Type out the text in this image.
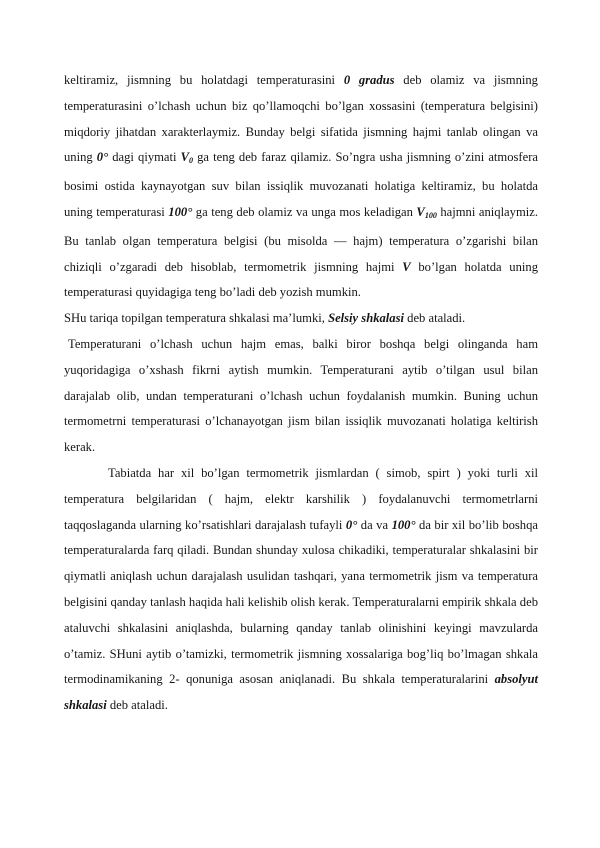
keltiramiz, jismning bu holatdagi temperaturasini 0 gradus deb olamiz va jismning temperaturasini o’lchash uchun biz qo’llamoqchi bo’lgan xossasini (temperatura belgisini) miqdoriy jihatdan xarakterlaymiz. Bunday belgi sifatida jismning hajmi tanlab olingan va uning 0° dagi qiymati $V_0$ ga teng deb faraz qilamiz. So’ngra usha jismning o’zini atmosfera bosimi ostida kaynayotgan suv bilan issiqlik muvozanati holatiga keltiramiz, bu holatda uning temperaturasi 100° ga teng deb olamiz va unga mos keladigan $V_{100}$ hajmni aniqlaymiz. Bu tanlab olgan temperatura belgisi (bu misolda — hajm) temperatura o’zgarishi bilan chiziqli o’zgaradi deb hisoblab, termometrik jismning hajmi V bo’lgan holatda uning temperaturasi quyidagiga teng bo’ladi deb yozish mumkin.

SHu tariqa topilgan temperatura shkalasi ma’lumki, Selsiy shkalasi deb ataladi.

Temperaturani o’lchash uchun hajm emas, balki biror boshqa belgi olinganda ham yuqoridagiga o’xshash fikrni aytish mumkin. Temperaturani aytib o’tilgan usul bilan darajalab olib, undan temperaturani o’lchash uchun foydalanish mumkin. Buning uchun termometrni temperaturasi o’lchanayotgan jism bilan issiqlik muvozanati holatiga keltirish kerak.

Tabiatda har xil bo’lgan termometrik jismlardan ( simob, spirt ) yoki turli xil temperatura belgilaridan ( hajm, elektr karshilik ) foydalanuvchi termometrlarni taqqoslaganda ularning ko’rsatishlari darajalash tufayli 0° da va 100° da bir xil bo’lib boshqa temperaturalarda farq qiladi. Bundan shunday xulosa chikadiki, temperaturalar shkalasini bir qiymatli aniqlash uchun darajalash usulidan tashqari, yana termometrik jism va temperatura belgisini qanday tanlash haqida hali kelishib olish kerak. Temperaturalarni empirik shkala deb ataluvchi shkalasini aniqlashda, bularning qanday tanlab olinishini keyingi mavzularda o’tamiz. SHuni aytib o’tamizki, termometrik jismning xossalariga bog’liq bo’lmagan shkala termodinamikaning 2- qonuniga asosan aniqlanadi. Bu shkala temperaturalarini absolyut shkalasi deb ataladi.
